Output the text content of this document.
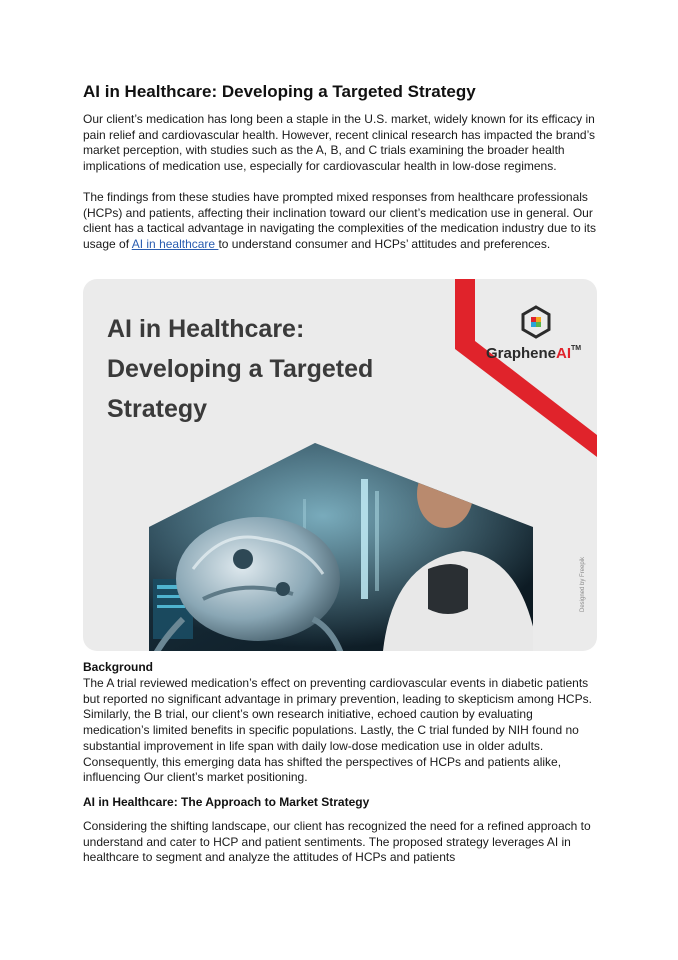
AI in Healthcare: Developing a Targeted Strategy

Our client’s medication has long been a staple in the U.S. market, widely known for its efficacy in pain relief and cardiovascular health. However, recent clinical research has impacted the brand’s market perception, with studies such as the A, B, and C trials examining the broader health implications of medication use, especially for cardiovascular health in low-dose regimens.

The findings from these studies have prompted mixed responses from healthcare professionals (HCPs) and patients, affecting their inclination toward our client’s medication use in general. Our client has a tactical advantage in navigating the complexities of the medication industry due to its usage of AI in healthcare to understand consumer and HCPs’ attitudes and preferences.

AI in Healthcare: Developing a Targeted Strategy
GrapheneAI™
Designed by Freepik
Background

The A trial reviewed medication’s effect on preventing cardiovascular events in diabetic patients but reported no significant advantage in primary prevention, leading to skepticism among HCPs. Similarly, the B trial, our client’s own research initiative, echoed caution by evaluating medication’s limited benefits in specific populations. Lastly, the C trial funded by NIH found no substantial improvement in life span with daily low-dose medication use in older adults. Consequently, this emerging data has shifted the perspectives of HCPs and patients alike, influencing Our client’s market positioning.

AI in Healthcare: The Approach to Market Strategy

Considering the shifting landscape, our client has recognized the need for a refined approach to understand and cater to HCP and patient sentiments. The proposed strategy leverages AI in healthcare to segment and analyze the attitudes of HCPs and patients
